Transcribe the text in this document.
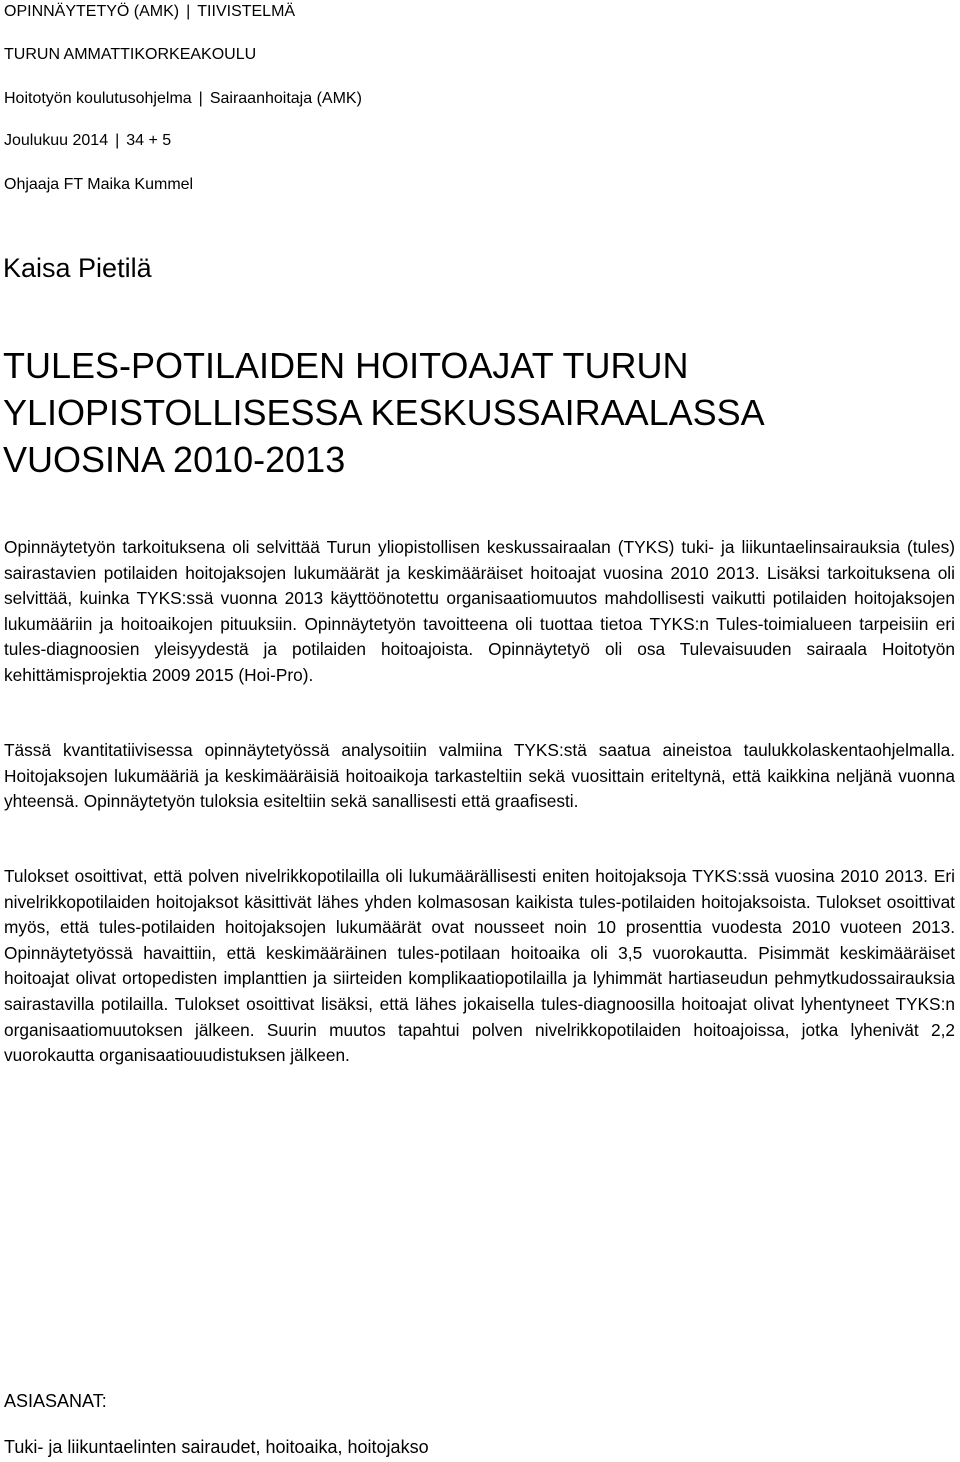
OPINNÄYTETYÖ (AMK) | TIIVISTELMÄ
TURUN AMMATTIKORKEAKOULU
Hoitotyön koulutusohjelma | Sairaanhoitaja (AMK)
Joulukuu 2014 | 34 + 5
Ohjaaja FT Maika Kummel
Kaisa Pietilä
TULES-POTILAIDEN HOITOAJAT TURUN
YLIOPISTOLLISESSA KESKUSSAIRAALASSA
VUOSINA 2010-2013

Opinnäytetyön tarkoituksena oli selvittää Turun yliopistollisen keskussairaalan (TYKS) tuki- ja liikuntaelinsairauksia (tules) sairastavien potilaiden hoitojaksojen lukumäärät ja keskimääräiset hoitoajat vuosina 2010 2013. Lisäksi tarkoituksena oli selvittää, kuinka TYKS:ssä vuonna 2013 käyttöönotettu organisaatiomuutos mahdollisesti vaikutti potilaiden hoitojaksojen lukumääriin ja hoitoaikojen pituuksiin. Opinnäytetyön tavoitteena oli tuottaa tietoa TYKS:n Tules-toimialueen tarpeisiin eri tules-diagnoosien yleisyydestä ja potilaiden hoitoajoista. Opinnäytetyö oli osa Tulevaisuuden sairaala Hoitotyön kehittämisprojektia 2009 2015 (Hoi-Pro).

Tässä kvantitatiivisessa opinnäytetyössä analysoitiin valmiina TYKS:stä saatua aineistoa taulukkolaskentaohjelmalla. Hoitojaksojen lukumääriä ja keskimääräisiä hoitoaikoja tarkasteltiin sekä vuosittain eriteltynä, että kaikkina neljänä vuonna yhteensä. Opinnäytetyön tuloksia esiteltiin sekä sanallisesti että graafisesti.

Tulokset osoittivat, että polven nivelrikkopotilailla oli lukumäärällisesti eniten hoitojaksoja TYKS:ssä vuosina 2010 2013. Eri nivelrikkopotilaiden hoitojaksot käsittivät lähes yhden kolmasosan kaikista tules-potilaiden hoitojaksoista. Tulokset osoittivat myös, että tules-potilaiden hoitojaksojen lukumäärät ovat nousseet noin 10 prosenttia vuodesta 2010 vuoteen 2013. Opinnäytetyössä havaittiin, että keskimääräinen tules-potilaan hoitoaika oli 3,5 vuorokautta. Pisimmät keskimääräiset hoitoajat olivat ortopedisten implanttien ja siirteiden komplikaatiopotilailla ja lyhimmät hartiaseudun pehmytkudossairauksia sairastavilla potilailla. Tulokset osoittivat lisäksi, että lähes jokaisella tules-diagnoosilla hoitoajat olivat lyhentyneet TYKS:n organisaatiomuutoksen jälkeen. Suurin muutos tapahtui polven nivelrikkopotilaiden hoitoajoissa, jotka lyhenivät 2,2 vuorokautta organisaatiouudistuksen jälkeen.

ASIASANAT:
Tuki- ja liikuntaelinten sairaudet, hoitoaika, hoitojakso
